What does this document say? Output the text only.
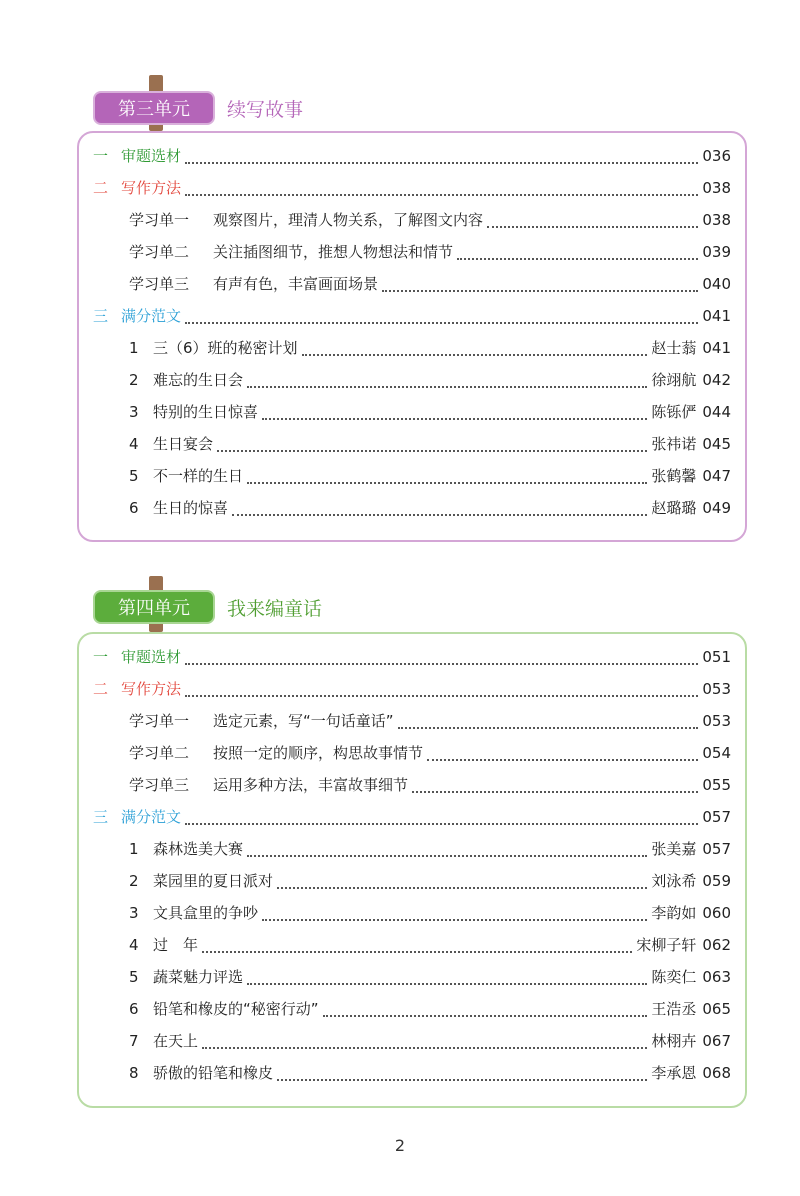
第三单元	续写故事
一 审题选材	036
二 写作方法	038
学习单一	观察图片，理清人物关系，了解图文内容	038
学习单二	关注插图细节，推想人物想法和情节	039
学习单三	有声有色，丰富画面场景	040
三 满分范文	041
1 三（6）班的秘密计划	赵士蓊 041
2 难忘的生日会	徐翊航 042
3 特别的生日惊喜	陈铄俨 044
4 生日宴会	张祎诺 045
5 不一样的生日	张鹤馨 047
6 生日的惊喜	赵璐璐 049
第四单元	我来编童话
一 审题选材	051
二 写作方法	053
学习单一	选定元素，写“一句话童话”	053
学习单二	按照一定的顺序，构思故事情节	054
学习单三	运用多种方法，丰富故事细节	055
三 满分范文	057
1 森林选美大赛	张美嘉 057
2 菜园里的夏日派对	刘泳希 059
3 文具盒里的争吵	李韵如 060
4 过　年	宋柳子轩 062
5 蔬菜魅力评选	陈奕仁 063
6 铅笔和橡皮的“秘密行动”	王浩丞 065
7 在天上	林栩卉 067
8 骄傲的铅笔和橡皮	李承恩 068
2
